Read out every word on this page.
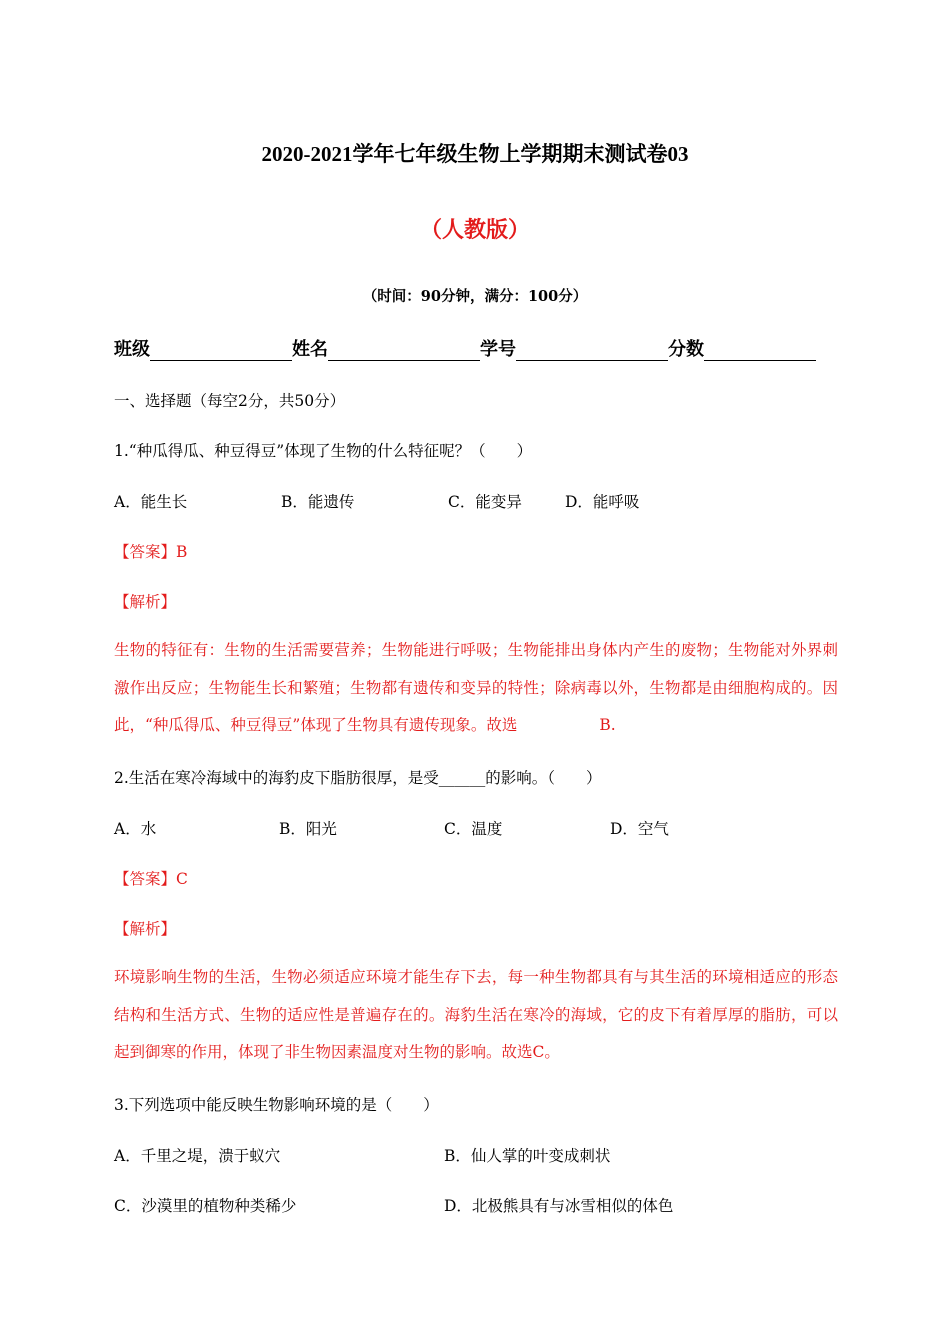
2020-2021学年七年级生物上学期期末测试卷03
（人教版）
（时间：90分钟，满分：100分）
班级	姓名	学号	分数
一、选择题（每空2分，共50分）
1.“种瓜得瓜、种豆得豆”体现了生物的什么特征呢？（　　）
A．能生长	B．能遗传	C．能变异	D．能呼吸
【答案】B
【解析】
生物的特征有：生物的生活需要营养；生物能进行呼吸；生物能排出身体内产生的废物；生物能对外界刺激作出反应；生物能生长和繁殖；生物都有遗传和变异的特性；除病毒以外，生物都是由细胞构成的。因此，“种瓜得瓜、种豆得豆”体现了生物具有遗传现象。故选	B.
2.生活在寒冷海域中的海豹皮下脂肪很厚，是受______的影响。（　　）
A．水	B．阳光	C．温度	D．空气
【答案】C
【解析】
环境影响生物的生活，生物必须适应环境才能生存下去，每一种生物都具有与其生活的环境相适应的形态结构和生活方式、生物的适应性是普遍存在的。海豹生活在寒冷的海域，它的皮下有着厚厚的脂肪，可以起到御寒的作用，体现了非生物因素温度对生物的影响。故选C。
3.下列选项中能反映生物影响环境的是（　　）
A．千里之堤，溃于蚁穴	B．仙人掌的叶变成刺状
C．沙漠里的植物种类稀少	D．北极熊具有与冰雪相似的体色
